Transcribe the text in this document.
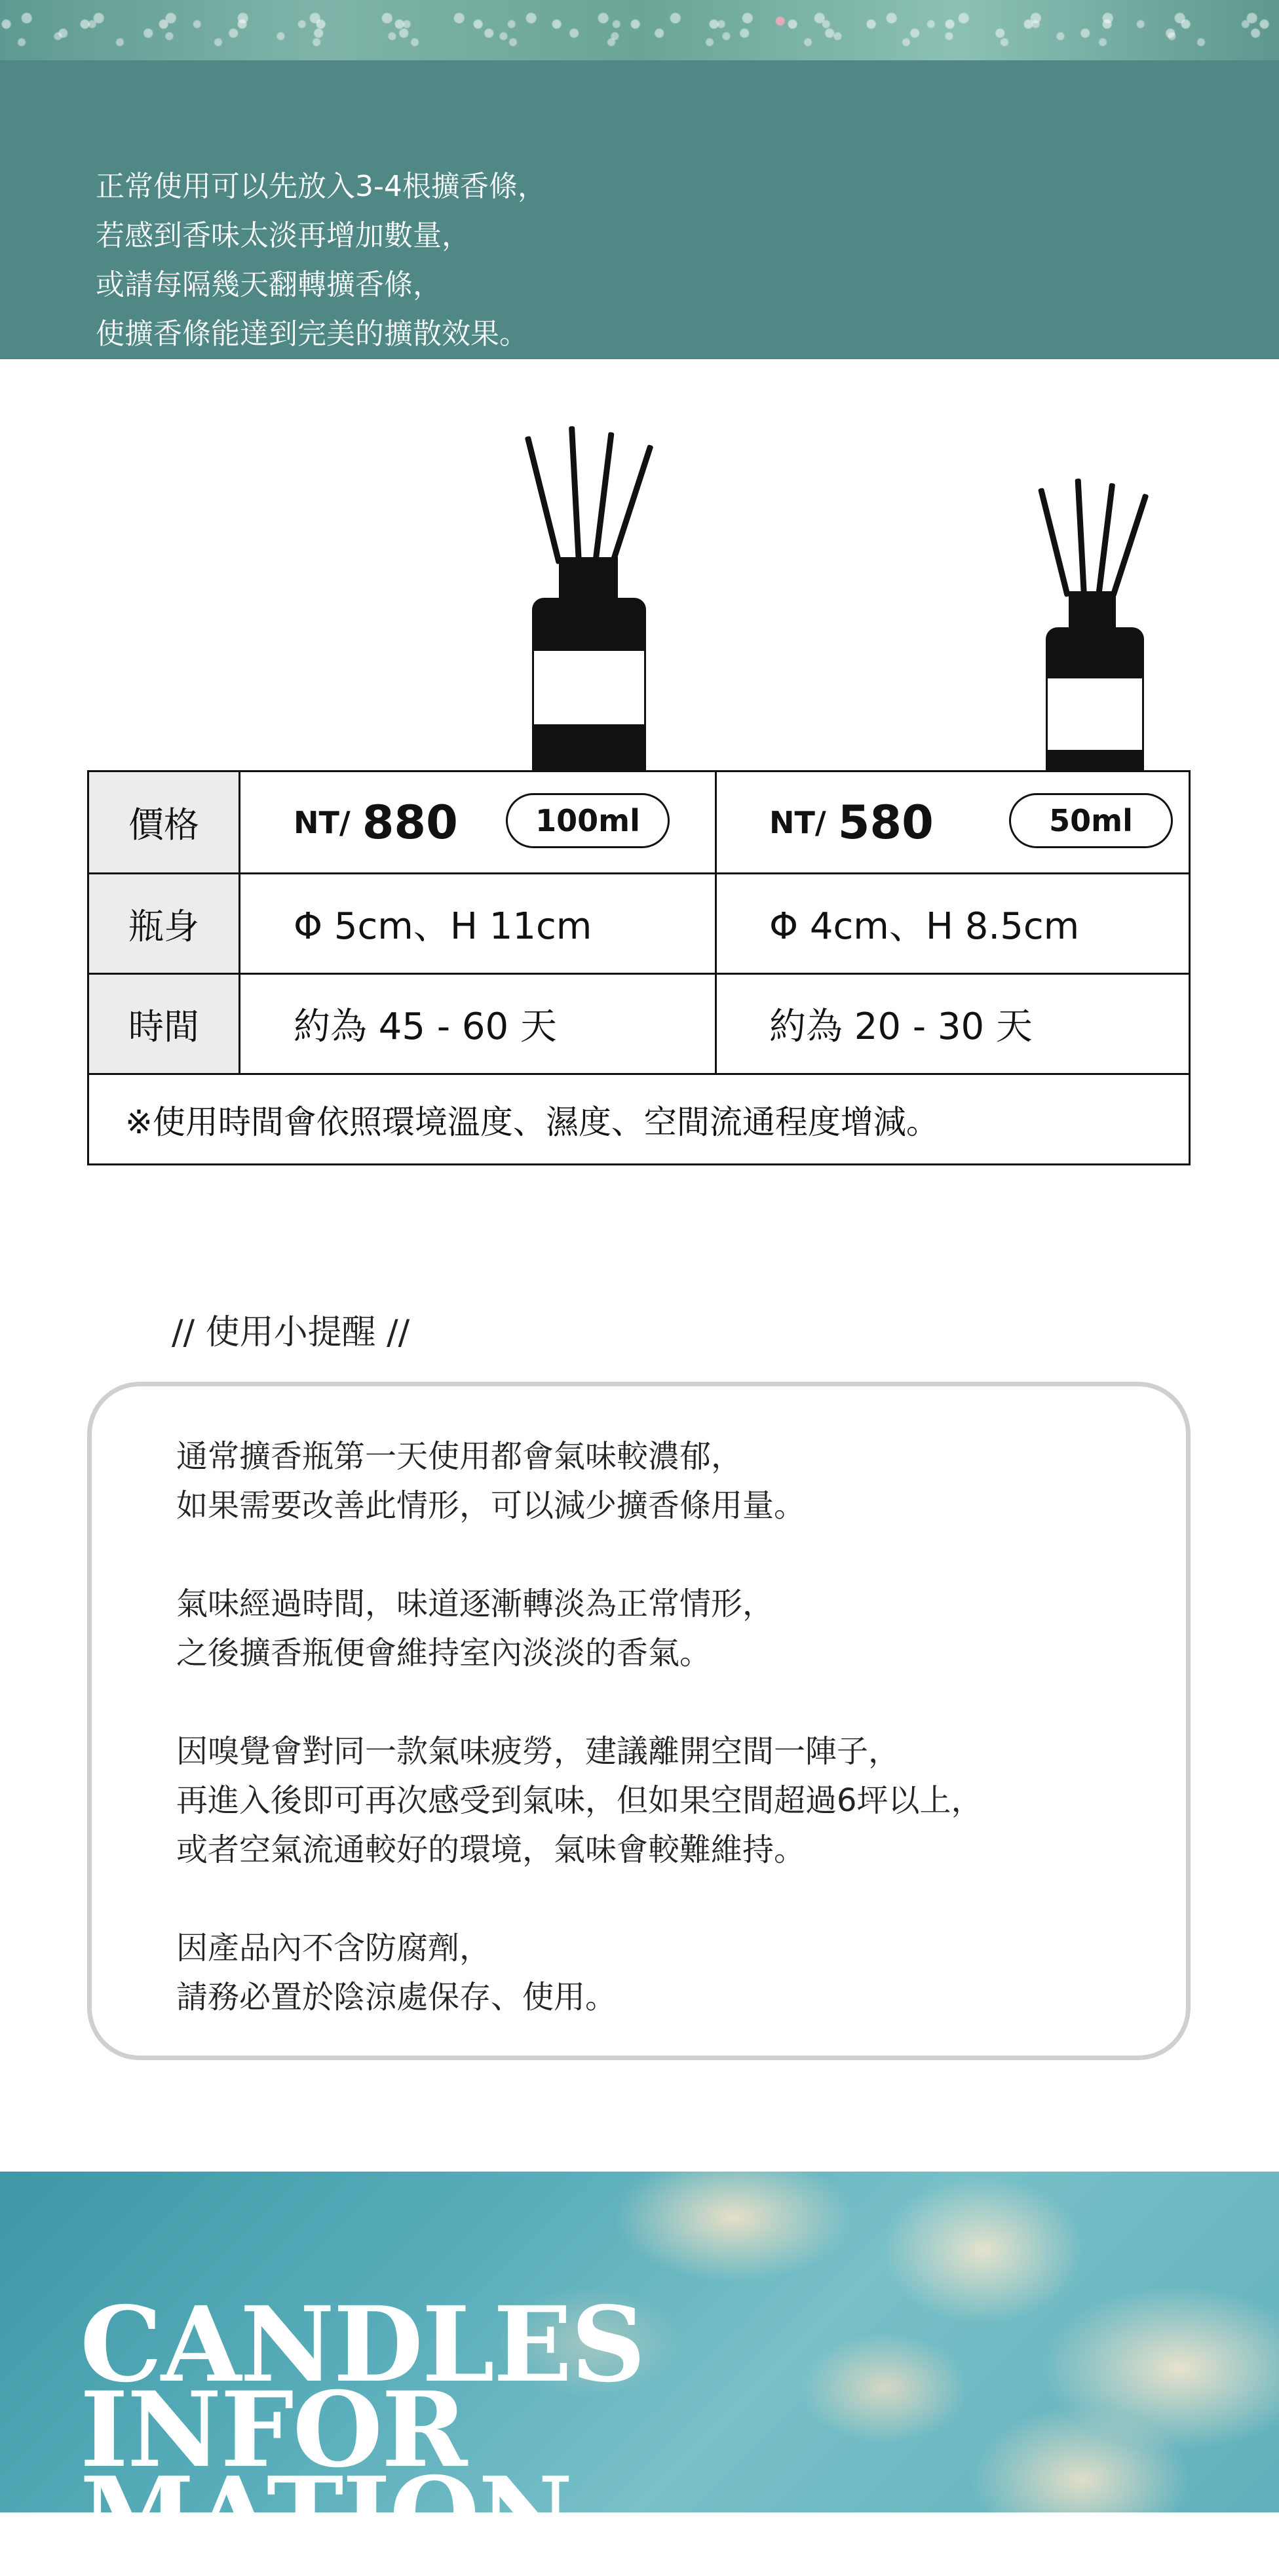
正常使用可以先放入3-4根擴香條，
若感到香味太淡再增加數量，
或請每隔幾天翻轉擴香條，
使擴香條能達到完美的擴散效果。
價格
瓶身
時間
NT/ 880	100ml
Φ 5cm、H 11cm
約為 45 - 60 天
NT/ 580	50ml
Φ 4cm、H 8.5cm
約為 20 - 30 天
※使用時間會依照環境溫度、濕度、空間流通程度增減。
// 使用小提醒 //
通常擴香瓶第一天使用都會氣味較濃郁，
如果需要改善此情形，可以減少擴香條用量。
氣味經過時間，味道逐漸轉淡為正常情形，
之後擴香瓶便會維持室內淡淡的香氣。
因嗅覺會對同一款氣味疲勞，建議離開空間一陣子，
再進入後即可再次感受到氣味，但如果空間超過6坪以上，
或者空氣流通較好的環境，氣味會較難維持。
因產品內不含防腐劑，
請務必置於陰涼處保存、使用。
CANDLES
INFOR
MATION
